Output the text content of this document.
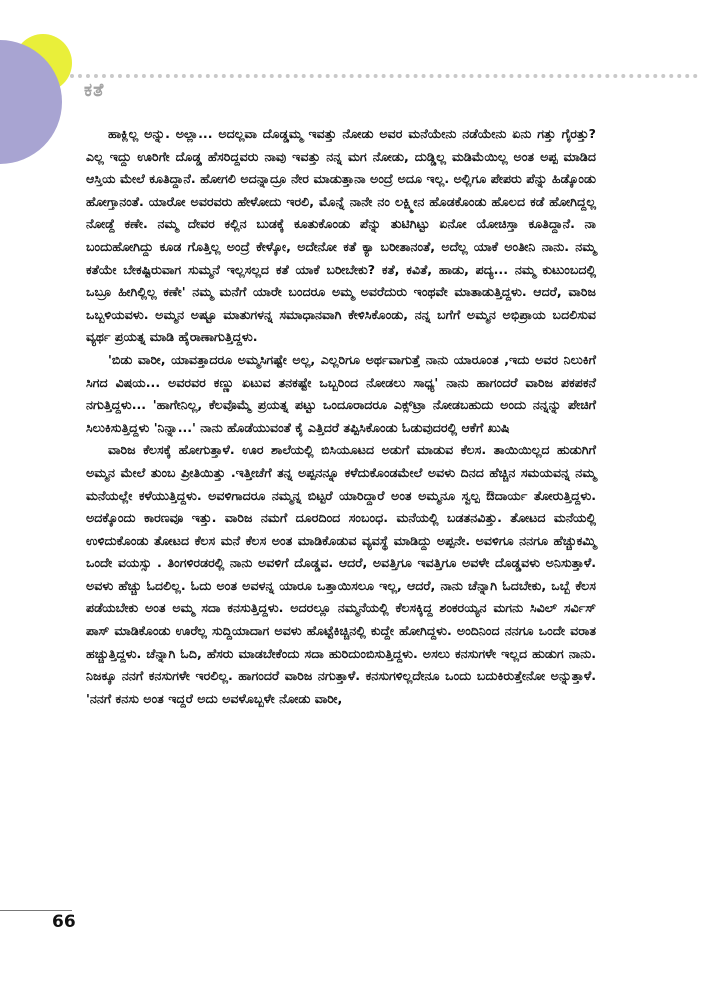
ಕತೆ

ಹಾಕ್ಲಿಲ್ಲ ಅನ್ನು. ಅಲ್ಲಾ... ಅದಲ್ಲವಾ ದೊಡ್ಡಮ್ಮ ಇವತ್ತು ನೋಡು ಅವರ ಮನೆಯೇನು ನಡೆಯೇನು ಏನು ಗತ್ತು ಗೈರತ್ತು? ಎಲ್ಲ ಇದ್ದು ಊರಿಗೇ ದೊಡ್ಡ ಹೆಸರಿದ್ದವರು ನಾವು ಇವತ್ತು ನನ್ನ ಮಗ ನೋಡು, ದುಡ್ಡಿಲ್ಲ ಮಡಿಮೆಯಿಲ್ಲ ಅಂತ ಅಪ್ಪ ಮಾಡಿದ ಆಸ್ತಿಯ ಮೇಲೆ ಕೂತಿದ್ದಾನೆ. ಹೋಗಲಿ ಅದನ್ನಾದ್ರೂ ನೇರ ಮಾಡುತ್ತಾನಾ ಅಂದ್ರೆ ಅದೂ ಇಲ್ಲ. ಅಲ್ಲಿಗೂ ಪೇಪರು ಪೆನ್ನು ಹಿಡ್ಕೊಂಡು ಹೋಗ್ತಾನಂತೆ. ಯಾರೋ ಅವರವರು ಹೇಳೋದು ಇರಲಿ, ಮೊನ್ನೆ ನಾನೇ ನಂ ಲಕ್ಷ್ಮೀನ ಹೊಡಕೊಂಡು ಹೊಲದ ಕಡೆ ಹೋಗಿದ್ದಲ್ಲ ನೋಡ್ದೆ ಕಣೇ. ನಮ್ಮ ದೇವರ ಕಲ್ಲಿನ ಬುಡಕ್ಕೆ ಕೂತುಕೊಂಡು ಪೆನ್ನು ತುಟಿಗಿಟ್ಟು ಏನೋ ಯೋಚಿಸ್ತಾ ಕೂತಿದ್ದಾನೆ. ನಾ ಬಂದುಹೋಗಿದ್ದು ಕೂಡ ಗೊತ್ತಿಲ್ಲ ಅಂದ್ರೆ ಕೇಳ್ಕೋ, ಅದೇನೋ ಕತೆ ಕ್ಯಾ ಬರೀತಾನಂತೆ, ಅದೆಲ್ಲ ಯಾಕೆ ಅಂತೀನಿ ನಾನು. ನಮ್ಮ ಕತೆಯೇ ಬೇಕಷ್ಟಿರುವಾಗ ಸುಮ್ಮನೆ ಇಲ್ಲಸಲ್ಲದ ಕತೆ ಯಾಕೆ ಬರೀಬೇಕು? ಕತೆ, ಕವಿತೆ, ಹಾಡು, ಪದ್ಯ... ನಮ್ಮ ಕುಟುಂಬದಲ್ಲಿ ಒಬ್ರೂ ಹೀಗಿಲ್ಲಿಲ್ಲ ಕಣೇ' ನಮ್ಮ ಮನೆಗೆ ಯಾರೇ ಬಂದರೂ ಅಮ್ಮ ಅವರೆದುರು ಇಂಥವೇ ಮಾತಾಡುತ್ತಿದ್ದಳು. ಆದರೆ, ವಾರಿಜ ಒಬ್ಬಳಿಯವಳು. ಅಮ್ಮನ ಅಷ್ಟೂ ಮಾತುಗಳನ್ನ ಸಮಾಧಾನವಾಗಿ ಕೇಳಿಸಿಕೊಂಡು, ನನ್ನ ಬಗೆಗೆ ಅಮ್ಮನ ಅಭಿಪ್ರಾಯ ಬದಲಿಸುವ ವ್ಯರ್ಥ ಪ್ರಯತ್ನ ಮಾಡಿ ಹೈರಾಣಾಗುತ್ತಿದ್ದಳು.

'ಬಿಡು ವಾರೀ, ಯಾವತ್ತಾದರೂ ಅಮ್ಮಸಿಗಷ್ಟೇ ಅಲ್ಲ, ಎಲ್ಲರಿಗೂ ಅರ್ಥವಾಗುತ್ತೆ ನಾನು ಯಾರೂಂತ ,ಇದು ಅವರ ನಿಲುಕಿಗೆ ಸಿಗದ ವಿಷಯ... ಅವರವರ ಕಣ್ಣು ಏಟುವ ತನಕಷ್ಟೇ ಒಬ್ಬರಿಂದ ನೋಡಲು ಸಾಧ್ಯ' ನಾನು ಹಾಗಂದರೆ ವಾರಿಜ ಪಕಪಕನೆ ನಗುತ್ತಿದ್ದಳು... 'ಹಾಗೇನಿಲ್ಲ, ಕೆಲವೊಮ್ಮೆ ಪ್ರಯತ್ನ ಪಟ್ಟು ಒಂದೂರಾದರೂ ಎಕ್ಸ್‌ಟ್ರಾ ನೋಡಬಹುದು ಅಂದು ನನ್ನನ್ನು ಪೇಚಿಗೆ ಸಿಲುಕಿಸುತ್ತಿದ್ದಳು 'ನಿನ್ನಾ...' ನಾನು ಹೊಡೆಯುವಂತೆ ಕೈ ಎತ್ತಿದರೆ ತಪ್ಪಿಸಿಕೊಂಡು ಓಡುವುದರಲ್ಲಿ ಆಕೆಗೆ ಖುಷಿ

ವಾರಿಜ ಕೆಲಸಕ್ಕೆ ಹೋಗುತ್ತಾಳೆ. ಊರ ಶಾಲೆಯಲ್ಲಿ ಬಿಸಿಯೂಟದ ಅಡುಗೆ ಮಾಡುವ ಕೆಲಸ. ತಾಯಿಯಿಲ್ಲದ ಹುಡುಗಿಗೆ ಅಮ್ಮನ ಮೇಲೆ ತುಂಬ ಪ್ರೀತಿಯಿತ್ತು .ಇತ್ತೀಚೆಗೆ ತನ್ನ ಅಪ್ಪನನ್ನೂ ಕಳೆದುಕೊಂಡಮೇಲೆ ಅವಳು ದಿನದ ಹೆಚ್ಚಿನ ಸಮಯವನ್ನ ನಮ್ಮ ಮನೆಯಲ್ಲೇ ಕಳೆಯುತ್ತಿದ್ದಳು. ಅವಳಿಗಾದರೂ ನಮ್ಮನ್ನ ಬಿಟ್ಟರೆ ಯಾರಿದ್ದಾರೆ ಅಂತ ಅಮ್ಮನೂ ಸ್ವಲ್ಪ ಔದಾರ್ಯ ತೋರುತ್ತಿದ್ದಳು. ಅದಕ್ಕೊಂದು ಕಾರಣವೂ ಇತ್ತು. ವಾರಿಜ ನಮಗೆ ದೂರದಿಂದ ಸಂಬಂಧ. ಮನೆಯಲ್ಲಿ ಬಡತನವಿತ್ತು. ತೋಟದ ಮನೆಯಲ್ಲಿ ಉಳಿದುಕೊಂಡು ತೋಟದ ಕೆಲಸ ಮನೆ ಕೆಲಸ ಅಂತ ಮಾಡಿಕೊಡುವ ವ್ಯವಸ್ಥೆ ಮಾಡಿದ್ದು ಅಪ್ಪನೇ. ಅವಳಿಗೂ ನನಗೂ ಹೆಚ್ಚುಕಮ್ಮಿ ಒಂದೇ ವಯಸ್ಸು . ತಿಂಗಳಿರಡರಲ್ಲಿ ನಾನು ಅವಳಿಗೆ ದೊಡ್ಡವ. ಆದರೆ, ಅವತ್ತಿಗೂ ಇವತ್ತಿಗೂ ಅವಳೇ ದೊಡ್ಡವಳು ಅನಿಸುತ್ತಾಳೆ. ಅವಳು ಹೆಚ್ಚು ಓದಲಿಲ್ಲ. ಓದು ಅಂತ ಅವಳನ್ನ ಯಾರೂ ಒತ್ತಾಯಿಸಲೂ ಇಲ್ಲ, ಆದರೆ, ನಾನು ಚೆನ್ನಾಗಿ ಓದಬೇಕು, ಒಬ್ಬೆ ಕೆಲಸ ಪಡೆಯಬೇಕು ಅಂತ ಅಮ್ಮ ಸದಾ ಕನಸುತ್ತಿದ್ದಳು. ಅದರಲ್ಲೂ ನಮ್ಮನೆಯಲ್ಲಿ ಕೆಲಸಕ್ಕಿದ್ದ ಶಂಕರಯ್ಯನ ಮಗನು ಸಿವಿಲ್ ಸರ್ವಿಸ್ ಪಾಸ್ ಮಾಡಿಕೊಂಡು ಊರೆಲ್ಲ ಸುದ್ದಿಯಾದಾಗ ಅವಳು ಹೊಟ್ಟೆಕಿಚ್ಚಿನಲ್ಲಿ ಕುದ್ದೇ ಹೋಗಿದ್ದಳು. ಅಂದಿನಿಂದ ನನಗೂ ಒಂದೇ ವರಾತ ಹಚ್ಚುತ್ತಿದ್ದಳು. ಚೆನ್ನಾಗಿ ಓದಿ, ಹೆಸರು ಮಾಡಬೇಕೆಂದು ಸದಾ ಹುರಿದುಂಬಿಸುತ್ತಿದ್ದಳು. ಅಸಲು ಕನಸುಗಳೇ ಇಲ್ಲದ ಹುಡುಗ ನಾನು. ನಿಜಕ್ಕೂ ನನಗೆ ಕನಸುಗಳೇ ಇರಲಿಲ್ಲ. ಹಾಗಂದರೆ ವಾರಿಜ ನಗುತ್ತಾಳೆ. ಕನಸುಗಳಿಲ್ಲದೇನೂ ಒಂದು ಬದುಕಿರುತ್ತೇನೋ ಅನ್ನುತ್ತಾಳೆ. 'ನನಗೆ ಕನಸು ಅಂತ ಇದ್ದರೆ ಅದು ಅವಳೊಬ್ಬಳೇ ನೋಡು ವಾರೀ,

66
